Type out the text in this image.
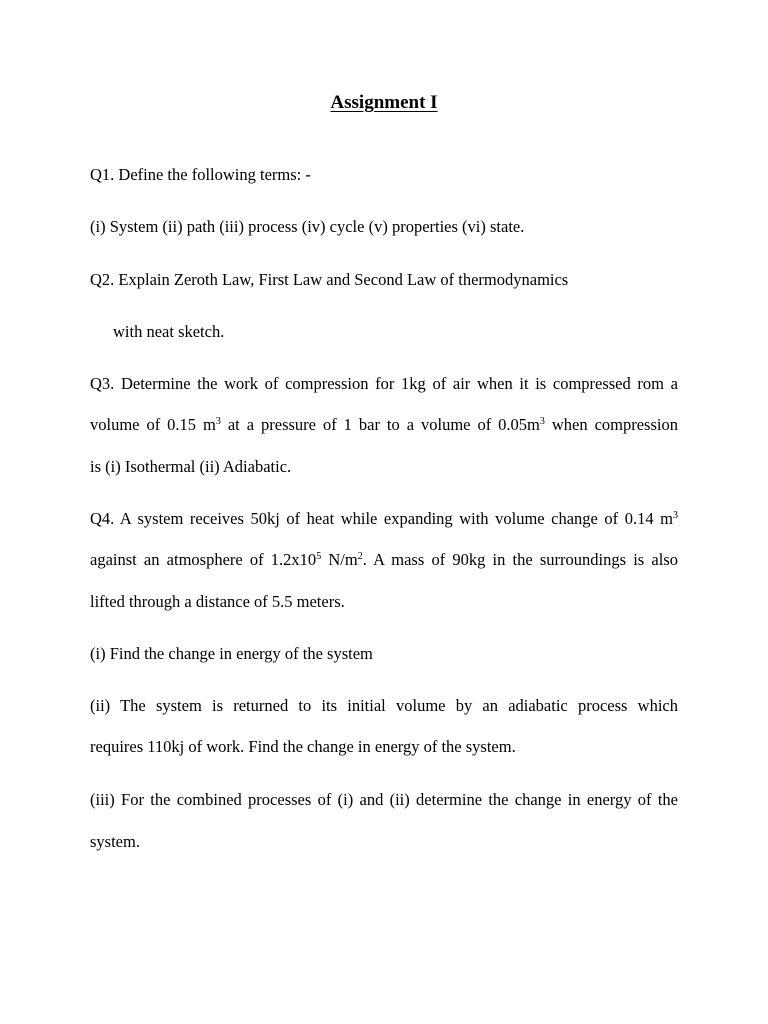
Assignment I

Q1. Define the following terms: -

(i) System (ii) path (iii) process (iv) cycle (v) properties (vi) state.

Q2. Explain Zeroth Law, First Law and Second Law of thermodynamics

with neat sketch.

Q3. Determine the work of compression for 1kg of air when it is compressed rom a

volume of 0.15 $m^3$ at a pressure of 1 bar to a volume of $0.05m^3$ when compression

is (i) Isothermal (ii) Adiabatic.

Q4. A system receives 50kj of heat while expanding with volume change of 0.14 $m^3$

against an atmosphere of $1.2x10^5$ $N/m^2$. A mass of 90kg in the surroundings is also

lifted through a distance of 5.5 meters.

(i) Find the change in energy of the system

(ii) The system is returned to its initial volume by an adiabatic process which

requires 110kj of work. Find the change in energy of the system.

(iii) For the combined processes of (i) and (ii) determine the change in energy of the

system.
